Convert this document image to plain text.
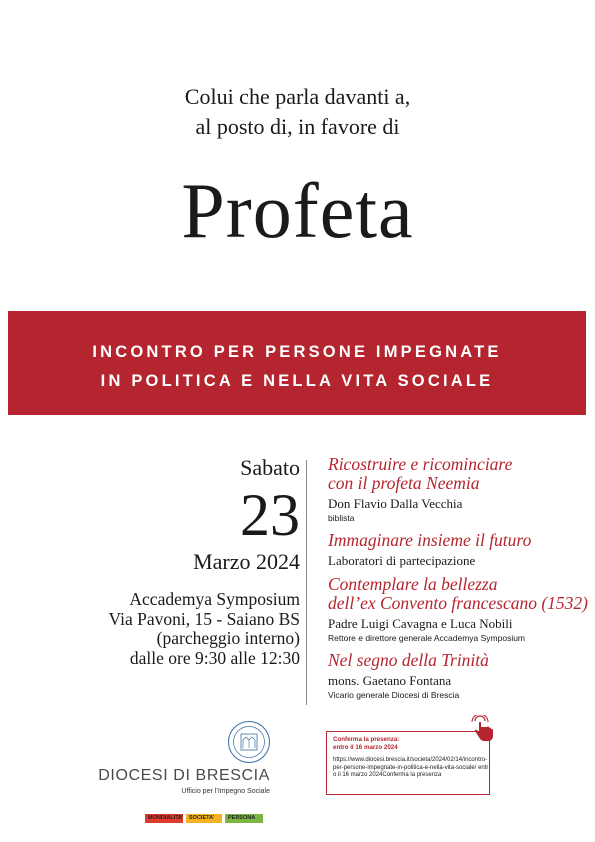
Colui che parla davanti a,
al posto di, in favore di
Profeta
INCONTRO PER PERSONE IMPEGNATE
IN POLITICA E NELLA VITA SOCIALE
Sabato
23
Marzo 2024
Accademya Symposium
Via Pavoni, 15 - Saiano BS
(parcheggio interno)
dalle ore 9:30 alle 12:30
Ricostruire e ricominciare
con il profeta Neemia
Don Flavio Dalla Vecchia
biblista
Immaginare insieme il futuro
Laboratori di partecipazione
Contemplare la bellezza
dell’ex Convento francescano (1532)
Padre Luigi Cavagna e Luca Nobili
Rettore e direttore generale Accademya Symposium
Nel segno della Trinità
mons. Gaetano Fontana
Vicario generale Diocesi di Brescia
DIOCESI DI BRESCIA
Ufficio per l’Impegno Sociale
MONDIALITA’	SOCIETA’	PERSONA
Conferma la presenza:
entro il 16 marzo 2024
https://www.diocesi.brescia.it/societa/2024/02/14/incontro-per-persone-impegnate-in-politica-e-nella-vita-sociale/ entro il 16 marzo 2024Conferma la presenza
